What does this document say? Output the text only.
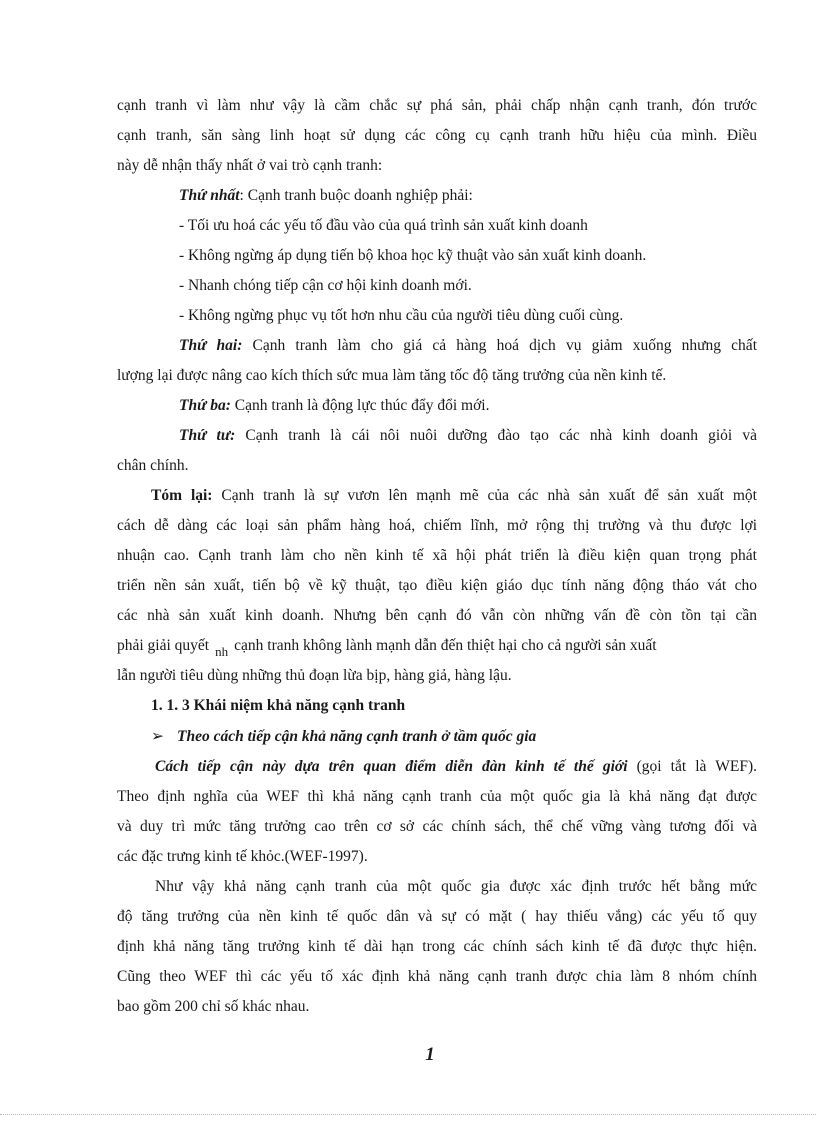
cạnh tranh vì làm như vậy là cầm chắc sự phá sản, phải chấp nhận cạnh tranh, đón trước
cạnh tranh, săn sàng linh hoạt sử dụng các công cụ cạnh tranh hữu hiệu của mình. Điều
này dễ nhận thấy nhất ở vai trò cạnh tranh:
Thứ nhất: Cạnh tranh buộc doanh nghiệp phải:
- Tối ưu hoá các yếu tố đầu vào của quá trình sản xuất kinh doanh
- Không ngừng áp dụng tiến bộ khoa học kỹ thuật vào sản xuất kinh doanh.
- Nhanh chóng tiếp cận cơ hội kinh doanh mới.
- Không ngừng phục vụ tốt hơn nhu cầu của người tiêu dùng cuối cùng.
Thứ hai: Cạnh tranh làm cho giá cả hàng hoá dịch vụ giảm xuống nhưng chất
lượng lại được nâng cao kích thích sức mua làm tăng tốc độ tăng trưởng của nền kinh tế.
Thứ ba: Cạnh tranh là động lực thúc đẩy đổi mới.
Thứ tư: Cạnh tranh là cái nôi nuôi dưỡng đào tạo các nhà kinh doanh giỏi và
chân chính.
Tóm lại: Cạnh tranh là sự vươn lên mạnh mẽ của các nhà sản xuất để sản xuất một
cách dễ dàng các loại sản phẩm hàng hoá, chiếm lĩnh, mở rộng thị trường và thu được lợi
nhuận cao. Cạnh tranh làm cho nền kinh tế xã hội phát triển là điều kiện quan trọng phát
triển nền sản xuất, tiến bộ về kỹ thuật, tạo điều kiện giáo dục tính năng động tháo vát cho
các nhà sản xuất kinh doanh. Nhưng bên cạnh đó vẫn còn những vấn đề còn tồn tại cần
phải giải quyết $_{nh}$ cạnh tranh không lành mạnh dẫn đến thiệt hại cho cả người sản xuất
lẫn người tiêu dùng những thủ đoạn lừa bịp, hàng giả, hàng lậu.
1. 1. 3 Khái niệm khả năng cạnh tranh
➢ Theo cách tiếp cận khả năng cạnh tranh ở tầm quốc gia
Cách tiếp cận này dựa trên quan điểm diễn đàn kinh tế thế giới (gọi tắt là WEF).
Theo định nghĩa của WEF thì khả năng cạnh tranh của một quốc gia là khả năng đạt được
và duy trì mức tăng trưởng cao trên cơ sở các chính sách, thể chế vững vàng tương đối và
các đặc trưng kinh tế khỏc.(WEF-1997).
Như vậy khả năng cạnh tranh của một quốc gia được xác định trước hết bằng mức
độ tăng trưởng của nền kinh tế quốc dân và sự có mặt ( hay thiếu vắng) các yếu tố quy
định khả năng tăng trưởng kinh tế dài hạn trong các chính sách kinh tế đã được thực hiện.
Cũng theo WEF thì các yếu tố xác định khả năng cạnh tranh được chia làm 8 nhóm chính
bao gồm 200 chỉ số khác nhau.
1
